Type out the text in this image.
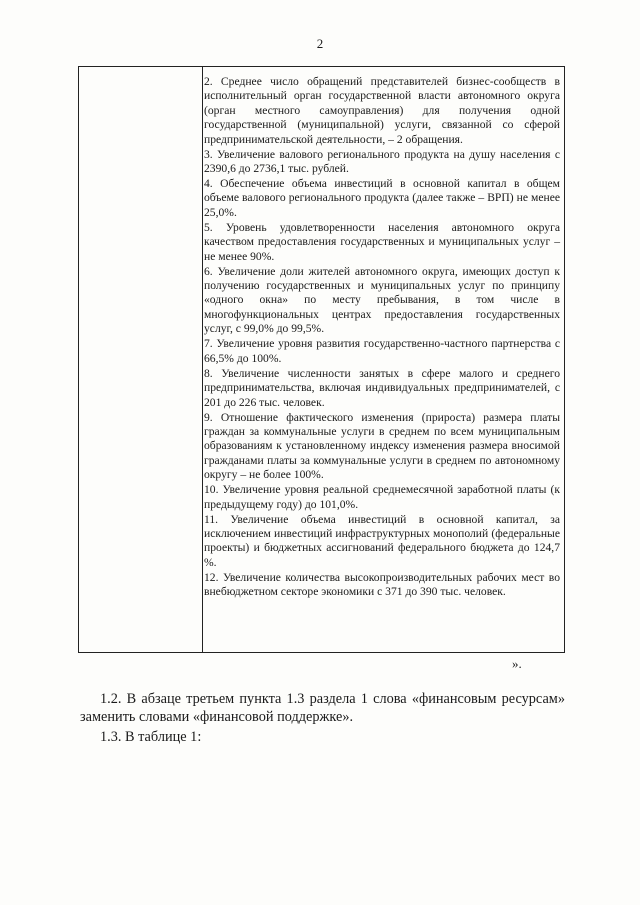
2

2. Среднее число обращений представителей бизнес-сообществ в исполнительный орган государственной власти автономного округа (орган местного самоуправления) для получения одной государственной (муниципальной) услуги, связанной со сферой предпринимательской деятельности, – 2 обращения.

3. Увеличение валового регионального продукта на душу населения с 2390,6 до 2736,1 тыс. рублей.

4. Обеспечение объема инвестиций в основной капитал в общем объеме валового регионального продукта (далее также – ВРП) не менее 25,0%.

5. Уровень удовлетворенности населения автономного округа качеством предоставления государственных и муниципальных услуг – не менее 90%.

6. Увеличение доли жителей автономного округа, имеющих доступ к получению государственных и муниципальных услуг по принципу «одного окна» по месту пребывания, в том числе в многофункциональных центрах предоставления государственных услуг, с 99,0% до 99,5%.

7. Увеличение уровня развития государственно-частного партнерства с 66,5% до 100%.

8. Увеличение численности занятых в сфере малого и среднего предпринимательства, включая индивидуальных предпринимателей, с 201 до 226 тыс. человек.

9. Отношение фактического изменения (прироста) размера платы граждан за коммунальные услуги в среднем по всем муниципальным образованиям к установленному индексу изменения размера вносимой гражданами платы за коммунальные услуги в среднем по автономному округу – не более 100%.

10. Увеличение уровня реальной среднемесячной заработной платы (к предыдущему году) до 101,0%.

11. Увеличение объема инвестиций в основной капитал, за исключением инвестиций инфраструктурных монополий (федеральные проекты) и бюджетных ассигнований федерального бюджета до 124,7 %.

12. Увеличение количества высокопроизводительных рабочих мест во внебюджетном секторе экономики с 371 до 390 тыс. человек.

».

1.2. В абзаце третьем пункта 1.3 раздела 1 слова «финансовым ресурсам» заменить словами «финансовой поддержке».

1.3. В таблице 1:
